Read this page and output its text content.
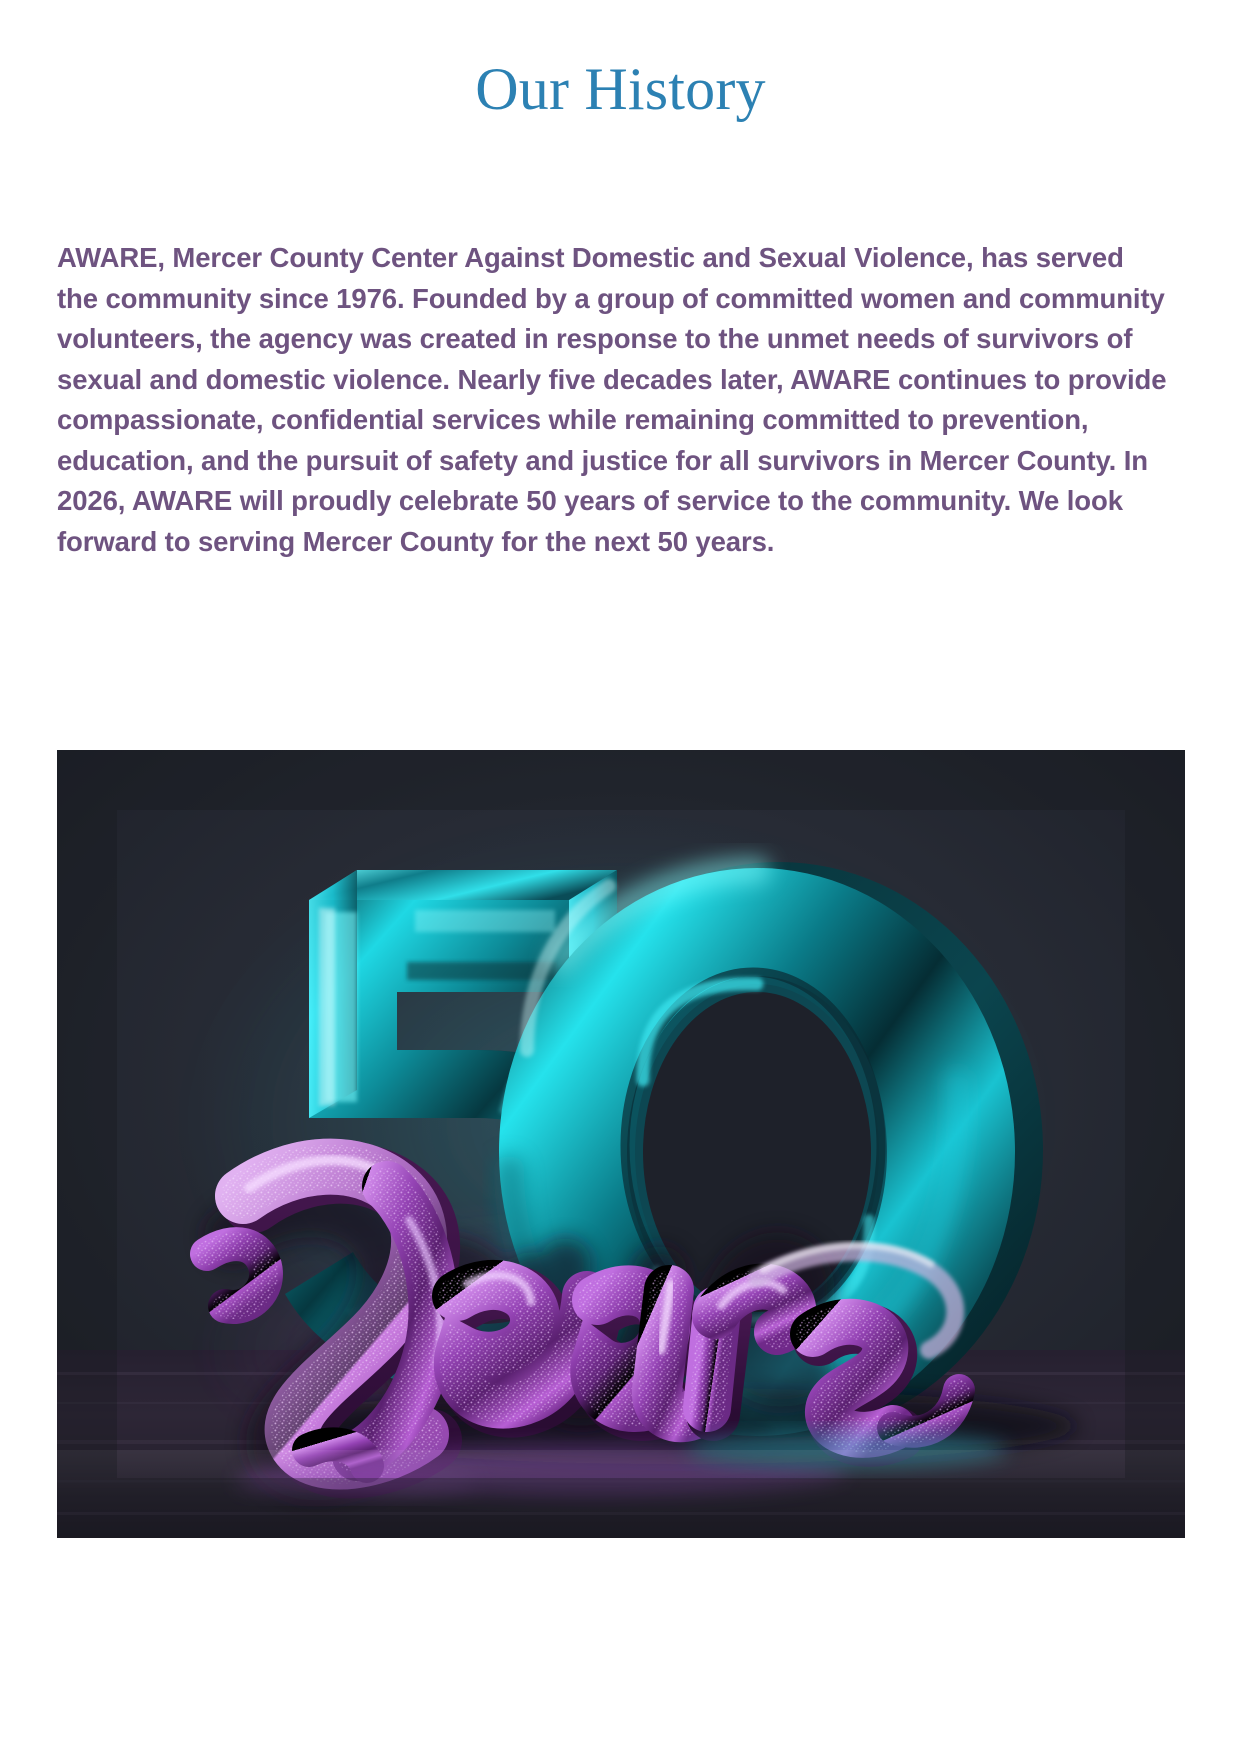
Our History

AWARE, Mercer County Center Against Domestic and Sexual Violence, has served the community since 1976. Founded by a group of committed women and community volunteers, the agency was created in response to the unmet needs of survivors of sexual and domestic violence. Nearly five decades later, AWARE continues to provide compassionate, confidential services while remaining committed to prevention, education, and the pursuit of safety and justice for all survivors in Mercer County. In 2026, AWARE will proudly celebrate 50 years of service to the community. We look forward to serving Mercer County for the next 50 years.
